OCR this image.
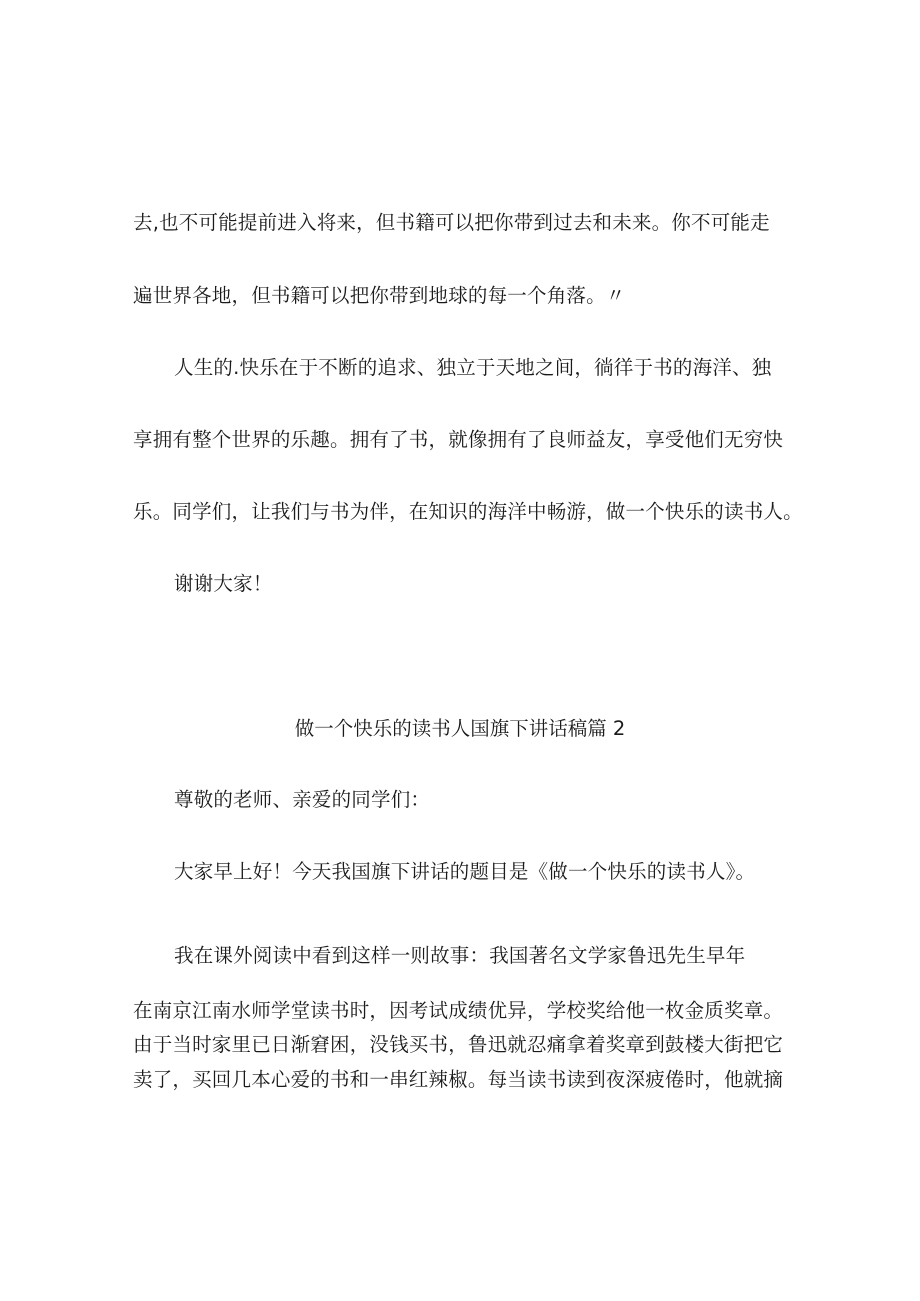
去,也不可能提前进入将来，但书籍可以把你带到过去和未来。你不可能走
遍世界各地，但书籍可以把你带到地球的每一个角落。〃
人生的.快乐在于不断的追求、独立于天地之间，徜徉于书的海洋、独
享拥有整个世界的乐趣。拥有了书，就像拥有了良师益友，享受他们无穷快
乐。同学们，让我们与书为伴，在知识的海洋中畅游，做一个快乐的读书人。
谢谢大家！
做一个快乐的读书人国旗下讲话稿篇 2
尊敬的老师、亲爱的同学们：
大家早上好！今天我国旗下讲话的题目是《做一个快乐的读书人》。
我在课外阅读中看到这样一则故事：我国著名文学家鲁迅先生早年
在南京江南水师学堂读书时，因考试成绩优异，学校奖给他一枚金质奖章。
由于当时家里已日渐窘困，没钱买书，鲁迅就忍痛拿着奖章到鼓楼大街把它
卖了，买回几本心爱的书和一串红辣椒。每当读书读到夜深疲倦时，他就摘
